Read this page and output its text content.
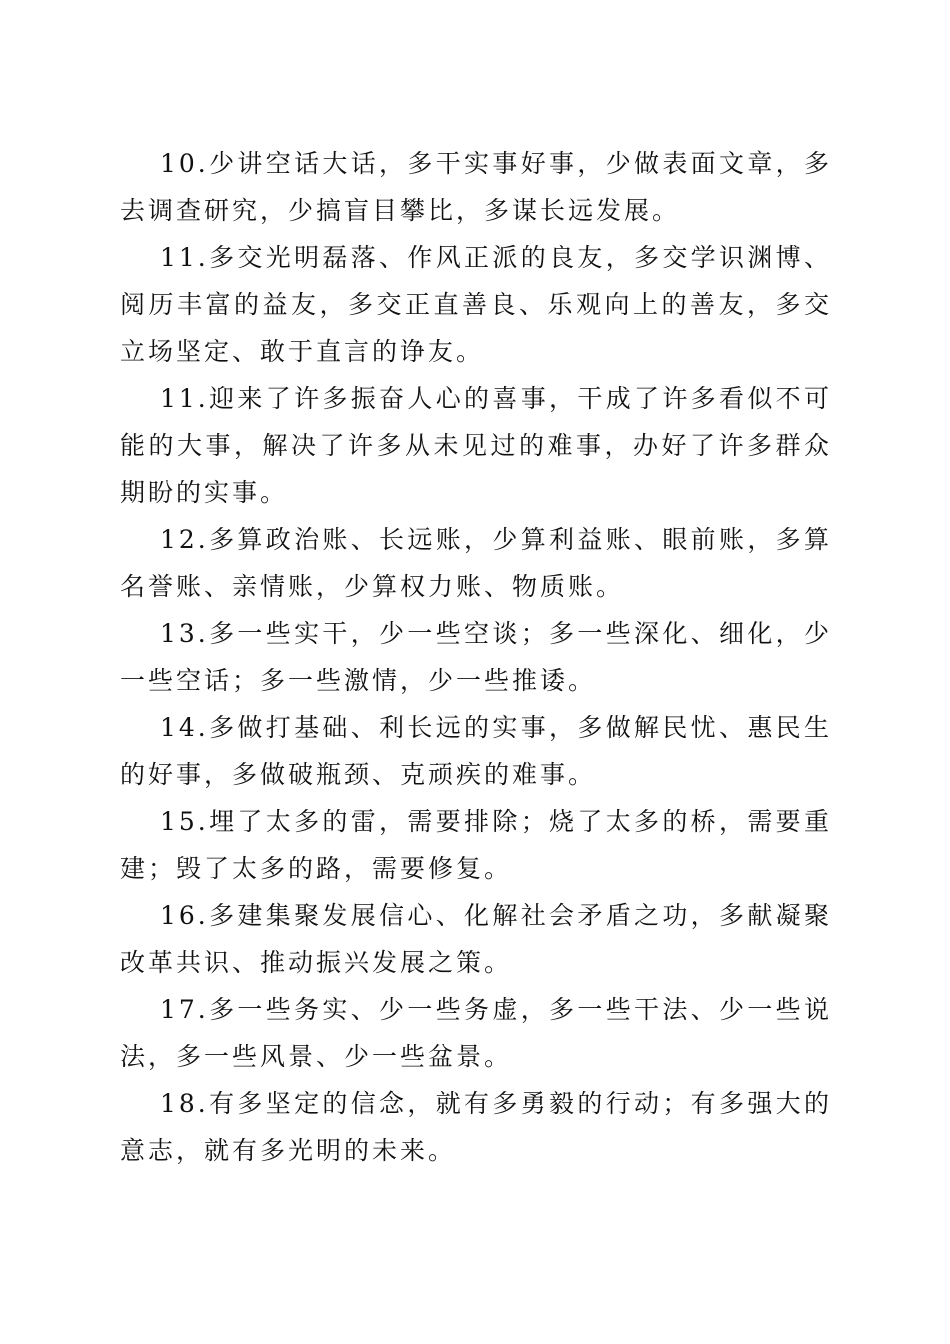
10.少讲空话大话，多干实事好事，少做表面文章，多去调查研究，少搞盲目攀比，多谋长远发展。

11.多交光明磊落、作风正派的良友，多交学识渊博、阅历丰富的益友，多交正直善良、乐观向上的善友，多交立场坚定、敢于直言的诤友。

11.迎来了许多振奋人心的喜事，干成了许多看似不可能的大事，解决了许多从未见过的难事，办好了许多群众期盼的实事。

12.多算政治账、长远账，少算利益账、眼前账，多算名誉账、亲情账，少算权力账、物质账。

13.多一些实干，少一些空谈；多一些深化、细化，少一些空话；多一些激情，少一些推诿。

14.多做打基础、利长远的实事，多做解民忧、惠民生的好事，多做破瓶颈、克顽疾的难事。

15.埋了太多的雷，需要排除；烧了太多的桥，需要重建；毁了太多的路，需要修复。

16.多建集聚发展信心、化解社会矛盾之功，多献凝聚改革共识、推动振兴发展之策。

17.多一些务实、少一些务虚，多一些干法、少一些说法，多一些风景、少一些盆景。

18.有多坚定的信念，就有多勇毅的行动；有多强大的意志，就有多光明的未来。
